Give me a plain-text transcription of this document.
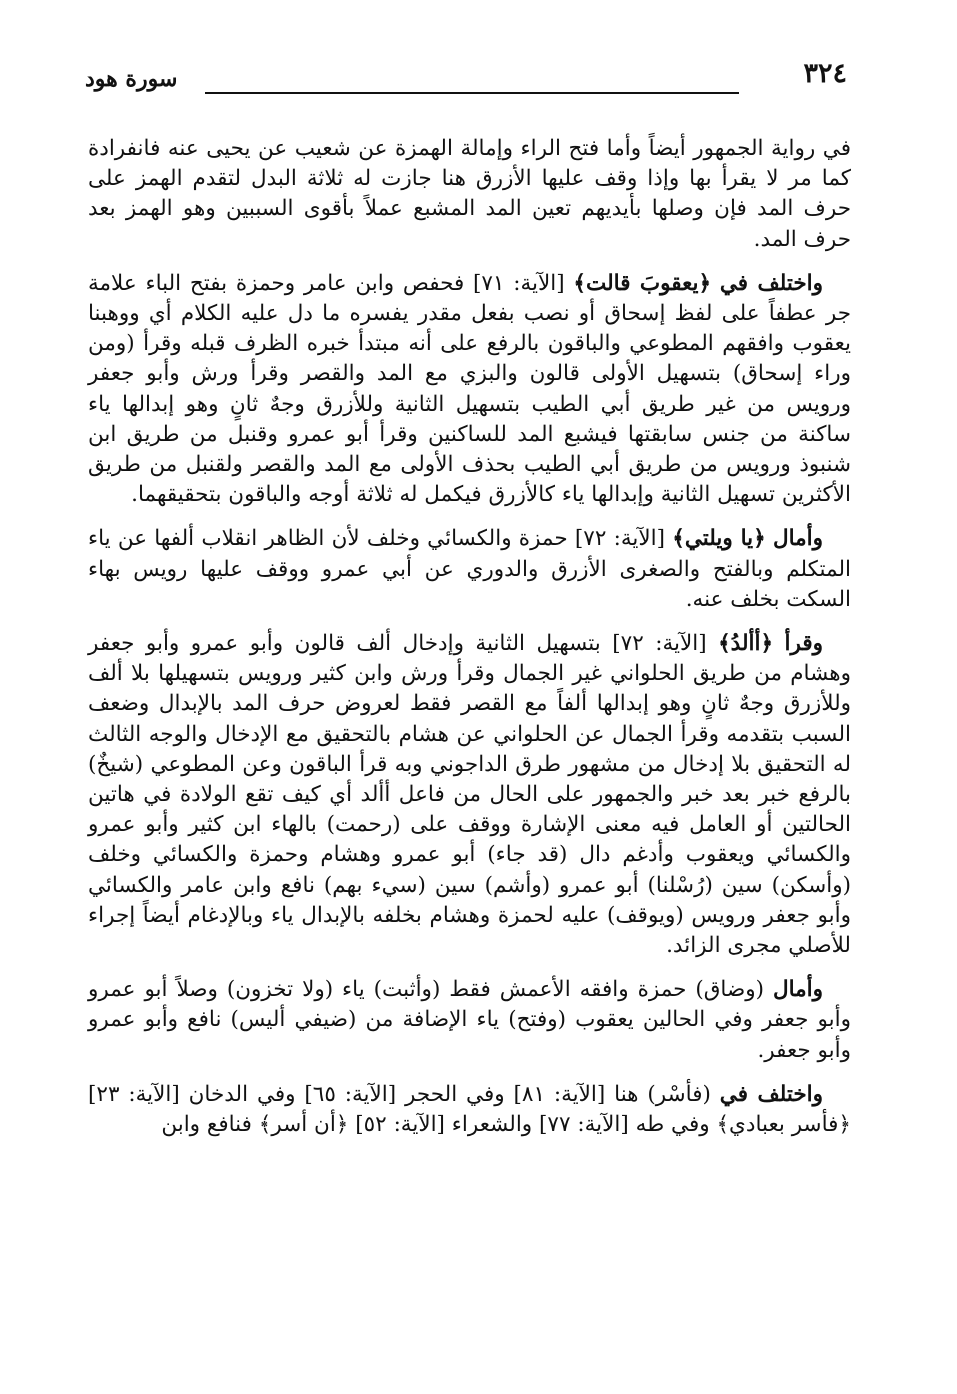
٣٢٤
سورة هود

في رواية الجمهور أيضاً وأما فتح الراء وإمالة الهمزة عن شعيب عن يحيى عنه فانفرادة كما مر لا يقرأ بها وإذا وقف عليها الأزرق هنا جازت له ثلاثة البدل لتقدم الهمز على حرف المد فإن وصلها بأيديهم تعين المد المشبع عملاً بأقوى السببين وهو الهمز بعد حرف المد.

واختلف في ﴿يعقوبَ قالت﴾ [الآية: ٧١] فحفص وابن عامر وحمزة بفتح الباء علامة جر عطفاً على لفظ إسحاق أو نصب بفعل مقدر يفسره ما دل عليه الكلام أي ووهبنا يعقوب وافقهم المطوعي والباقون بالرفع على أنه مبتدأ خبره الظرف قبله وقرأ (ومن وراء إسحاق) بتسهيل الأولى قالون والبزي مع المد والقصر وقرأ ورش وأبو جعفر ورويس من غير طريق أبي الطيب بتسهيل الثانية وللأزرق وجهٌ ثانٍ وهو إبدالها ياء ساكنة من جنس سابقتها فيشبع المد للساكنين وقرأ أبو عمرو وقنبل من طريق ابن شنبوذ ورويس من طريق أبي الطيب بحذف الأولى مع المد والقصر ولقنبل من طريق الأكثرين تسهيل الثانية وإبدالها ياء كالأزرق فيكمل له ثلاثة أوجه والباقون بتحقيقهما.

وأمال ﴿يا ويلتي﴾ [الآية: ٧٢] حمزة والكسائي وخلف لأن الظاهر انقلاب ألفها عن ياء المتكلم وبالفتح والصغرى الأزرق والدوري عن أبي عمرو ووقف عليها رويس بهاء السكت بخلف عنه.

وقرأ ﴿أألدُ﴾ [الآية: ٧٢] بتسهيل الثانية وإدخال ألف قالون وأبو عمرو وأبو جعفر وهشام من طريق الحلواني غير الجمال وقرأ ورش وابن كثير ورويس بتسهيلها بلا ألف وللأزرق وجهٌ ثانٍ وهو إبدالها ألفاً مع القصر فقط لعروض حرف المد بالإبدال وضعف السبب بتقدمه وقرأ الجمال عن الحلواني عن هشام بالتحقيق مع الإدخال والوجه الثالث له التحقيق بلا إدخال من مشهور طرق الداجوني وبه قرأ الباقون وعن المطوعي (شيخٌ) بالرفع خبر بعد خبر والجمهور على الحال من فاعل أألد أي كيف تقع الولادة في هاتين الحالتين أو العامل فيه معنى الإشارة ووقف على (رحمت) بالهاء ابن كثير وأبو عمرو والكسائي ويعقوب وأدغم دال (قد جاء) أبو عمرو وهشام وحمزة والكسائي وخلف (وأسكن) سين (رُسْلنا) أبو عمرو (وأشم) سين (سيء بهم) نافع وابن عامر والكسائي وأبو جعفر ورويس (ويوقف) عليه لحمزة وهشام بخلفه بالإبدال ياء وبالإدغام أيضاً إجراء للأصلي مجرى الزائد.

وأمال (وضاق) حمزة وافقه الأعمش فقط (وأثبت) ياء (ولا تخزون) وصلاً أبو عمرو وأبو جعفر وفي الحالين يعقوب (وفتح) ياء الإضافة من (ضيفي أليس) نافع وأبو عمرو وأبو جعفر.

واختلف في (فأسْر) هنا [الآية: ٨١] وفي الحجر [الآية: ٦٥] وفي الدخان [الآية: ٢٣] ﴿فأسر بعبادي﴾ وفي طه [الآية: ٧٧] والشعراء [الآية: ٥٢] ﴿أن أسر﴾ فنافع وابن
